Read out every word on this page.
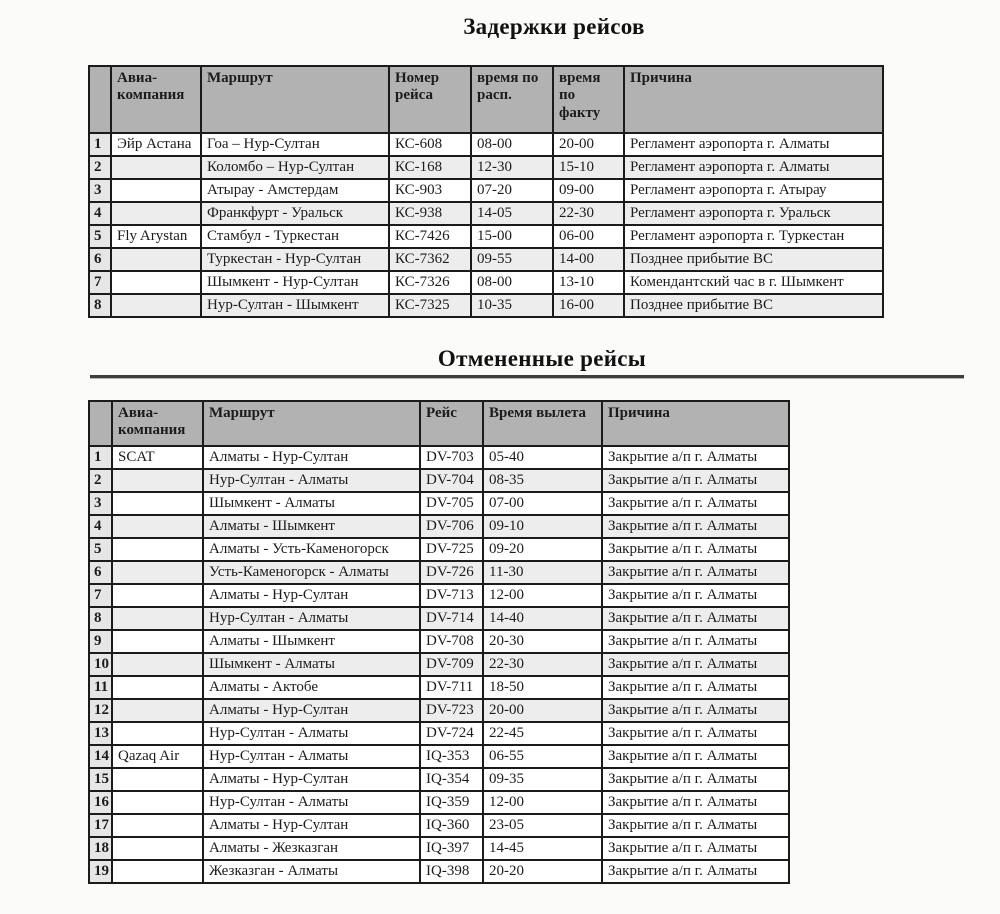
Задержки рейсов
	Авиа-компания	Маршрут	Номер рейса	время по расп.	время по факту	Причина
1	Эйр Астана	Гоа – Нур-Султан	КС-608	08-00	20-00	Регламент аэропорта г. Алматы
2		Коломбо – Нур-Султан	КС-168	12-30	15-10	Регламент аэропорта г. Алматы
3		Атырау - Амстердам	КС-903	07-20	09-00	Регламент аэропорта г. Атырау
4		Франкфурт - Уральск	КС-938	14-05	22-30	Регламент аэропорта г. Уральск
5	Fly Arystan	Стамбул - Туркестан	КС-7426	15-00	06-00	Регламент аэропорта г. Туркестан
6		Туркестан - Нур-Султан	КС-7362	09-55	14-00	Позднее прибытие ВС
7		Шымкент - Нур-Султан	КС-7326	08-00	13-10	Комендантский час в г. Шымкент
8		Нур-Султан - Шымкент	КС-7325	10-35	16-00	Позднее прибытие ВС
Отмененные рейсы
	Авиа-компания	Маршрут	Рейс	Время вылета	Причина
1	SCAT	Алматы - Нур-Султан	DV-703	05-40	Закрытие а/п г. Алматы
2		Нур-Султан - Алматы	DV-704	08-35	Закрытие а/п г. Алматы
3		Шымкент - Алматы	DV-705	07-00	Закрытие а/п г. Алматы
4		Алматы - Шымкент	DV-706	09-10	Закрытие а/п г. Алматы
5		Алматы - Усть-Каменогорск	DV-725	09-20	Закрытие а/п г. Алматы
6		Усть-Каменогорск - Алматы	DV-726	11-30	Закрытие а/п г. Алматы
7		Алматы - Нур-Султан	DV-713	12-00	Закрытие а/п г. Алматы
8		Нур-Султан - Алматы	DV-714	14-40	Закрытие а/п г. Алматы
9		Алматы - Шымкент	DV-708	20-30	Закрытие а/п г. Алматы
10		Шымкент - Алматы	DV-709	22-30	Закрытие а/п г. Алматы
11		Алматы - Актобе	DV-711	18-50	Закрытие а/п г. Алматы
12		Алматы - Нур-Султан	DV-723	20-00	Закрытие а/п г. Алматы
13		Нур-Султан - Алматы	DV-724	22-45	Закрытие а/п г. Алматы
14	Qazaq Air	Нур-Султан - Алматы	IQ-353	06-55	Закрытие а/п г. Алматы
15		Алматы - Нур-Султан	IQ-354	09-35	Закрытие а/п г. Алматы
16		Нур-Султан - Алматы	IQ-359	12-00	Закрытие а/п г. Алматы
17		Алматы - Нур-Султан	IQ-360	23-05	Закрытие а/п г. Алматы
18		Алматы - Жезказган	IQ-397	14-45	Закрытие а/п г. Алматы
19		Жезказган - Алматы	IQ-398	20-20	Закрытие а/п г. Алматы
